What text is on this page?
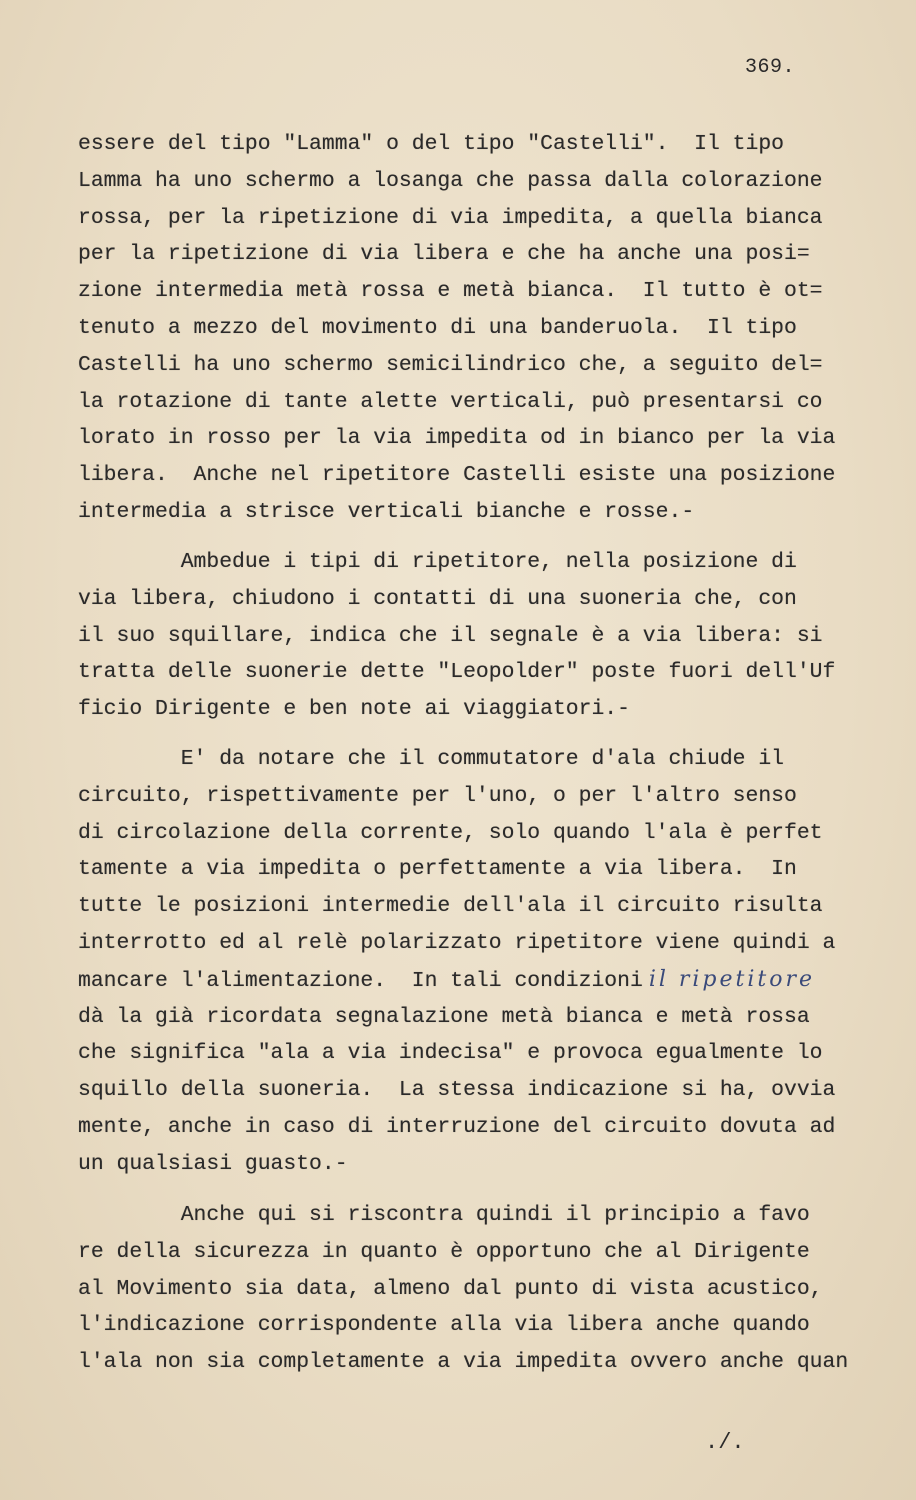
369.
essere del tipo "Lamma" o del tipo "Castelli".  Il tipo
Lamma ha uno schermo a losanga che passa dalla colorazione
rossa, per la ripetizione di via impedita, a quella bianca
per la ripetizione di via libera e che ha anche una posi=
zione intermedia metà rossa e metà bianca.  Il tutto è ot=
tenuto a mezzo del movimento di una banderuola.  Il tipo
Castelli ha uno schermo semicilindrico che, a seguito del=
la rotazione di tante alette verticali, può presentarsi co
lorato in rosso per la via impedita od in bianco per la via
libera.  Anche nel ripetitore Castelli esiste una posizione
intermedia a strisce verticali bianche e rosse.-
Ambedue i tipi di ripetitore, nella posizione di
via libera, chiudono i contatti di una suoneria che, con
il suo squillare, indica che il segnale è a via libera: si
tratta delle suonerie dette "Leopolder" poste fuori dell'Uf
ficio Dirigente e ben note ai viaggiatori.-
E' da notare che il commutatore d'ala chiude il
circuito, rispettivamente per l'uno, o per l'altro senso
di circolazione della corrente, solo quando l'ala è perfet
tamente a via impedita o perfettamente a via libera.  In
tutte le posizioni intermedie dell'ala il circuito risulta
interrotto ed al relè polarizzato ripetitore viene quindi a
mancare l'alimentazione.  In tali condizioni il ripetitore
dà la già ricordata segnalazione metà bianca e metà rossa
che significa "ala a via indecisa" e provoca egualmente lo
squillo della suoneria.  La stessa indicazione si ha, ovvia
mente, anche in caso di interruzione del circuito dovuta ad
un qualsiasi guasto.-
Anche qui si riscontra quindi il principio a favo
re della sicurezza in quanto è opportuno che al Dirigente
al Movimento sia data, almeno dal punto di vista acustico,
l'indicazione corrispondente alla via libera anche quando
l'ala non sia completamente a via impedita ovvero anche quan
./.
